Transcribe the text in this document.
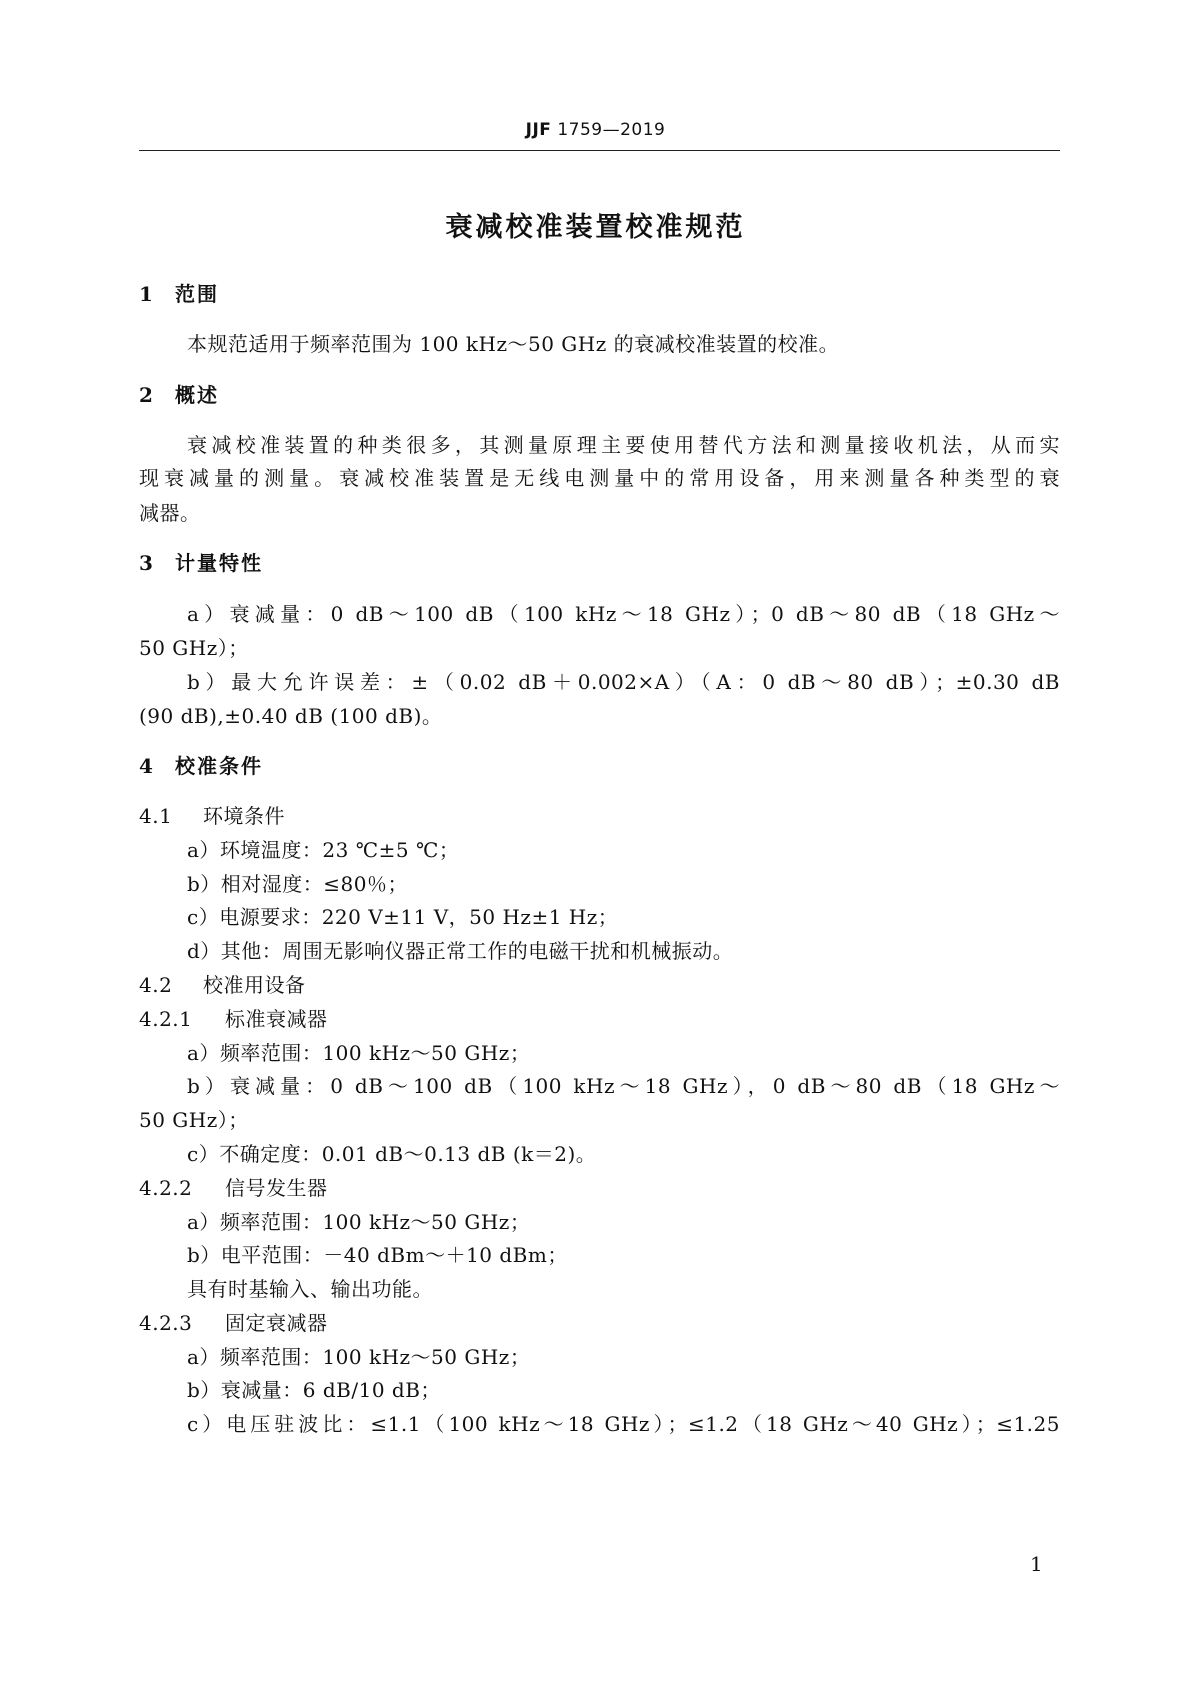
JJF 1759—2019
衰减校准装置校准规范
1 范围
本规范适用于频率范围为 100 kHz～50 GHz 的衰减校准装置的校准。
2 概述
衰减校准装置的种类很多，其测量原理主要使用替代方法和测量接收机法，从而实
现衰减量的测量。衰减校准装置是无线电测量中的常用设备，用来测量各种类型的衰
减器。
3 计量特性
a）衰减量：0 dB～100 dB（100 kHz～18 GHz）；0 dB～80 dB（18 GHz～
50 GHz）；
b）最大允许误差：±（0.02 dB＋0.002×A）（A：0 dB～80 dB）；±0.30 dB
(90 dB),±0.40 dB (100 dB)。
4 校准条件
4.1 环境条件
a）环境温度：23 ℃±5 ℃；
b）相对湿度：≤80％；
c）电源要求：220 V±11 V，50 Hz±1 Hz；
d）其他：周围无影响仪器正常工作的电磁干扰和机械振动。
4.2 校准用设备
4.2.1 标准衰减器
a）频率范围：100 kHz～50 GHz；
b）衰减量：0 dB～100 dB（100 kHz～18 GHz），0 dB～80 dB（18 GHz～
50 GHz）；
c）不确定度：0.01 dB～0.13 dB (k＝2)。
4.2.2 信号发生器
a）频率范围：100 kHz～50 GHz；
b）电平范围：－40 dBm～＋10 dBm；
具有时基输入、输出功能。
4.2.3 固定衰减器
a）频率范围：100 kHz～50 GHz；
b）衰减量：6 dB/10 dB；
c）电压驻波比：≤1.1（100 kHz～18 GHz）；≤1.2（18 GHz～40 GHz）；≤1.25
1
